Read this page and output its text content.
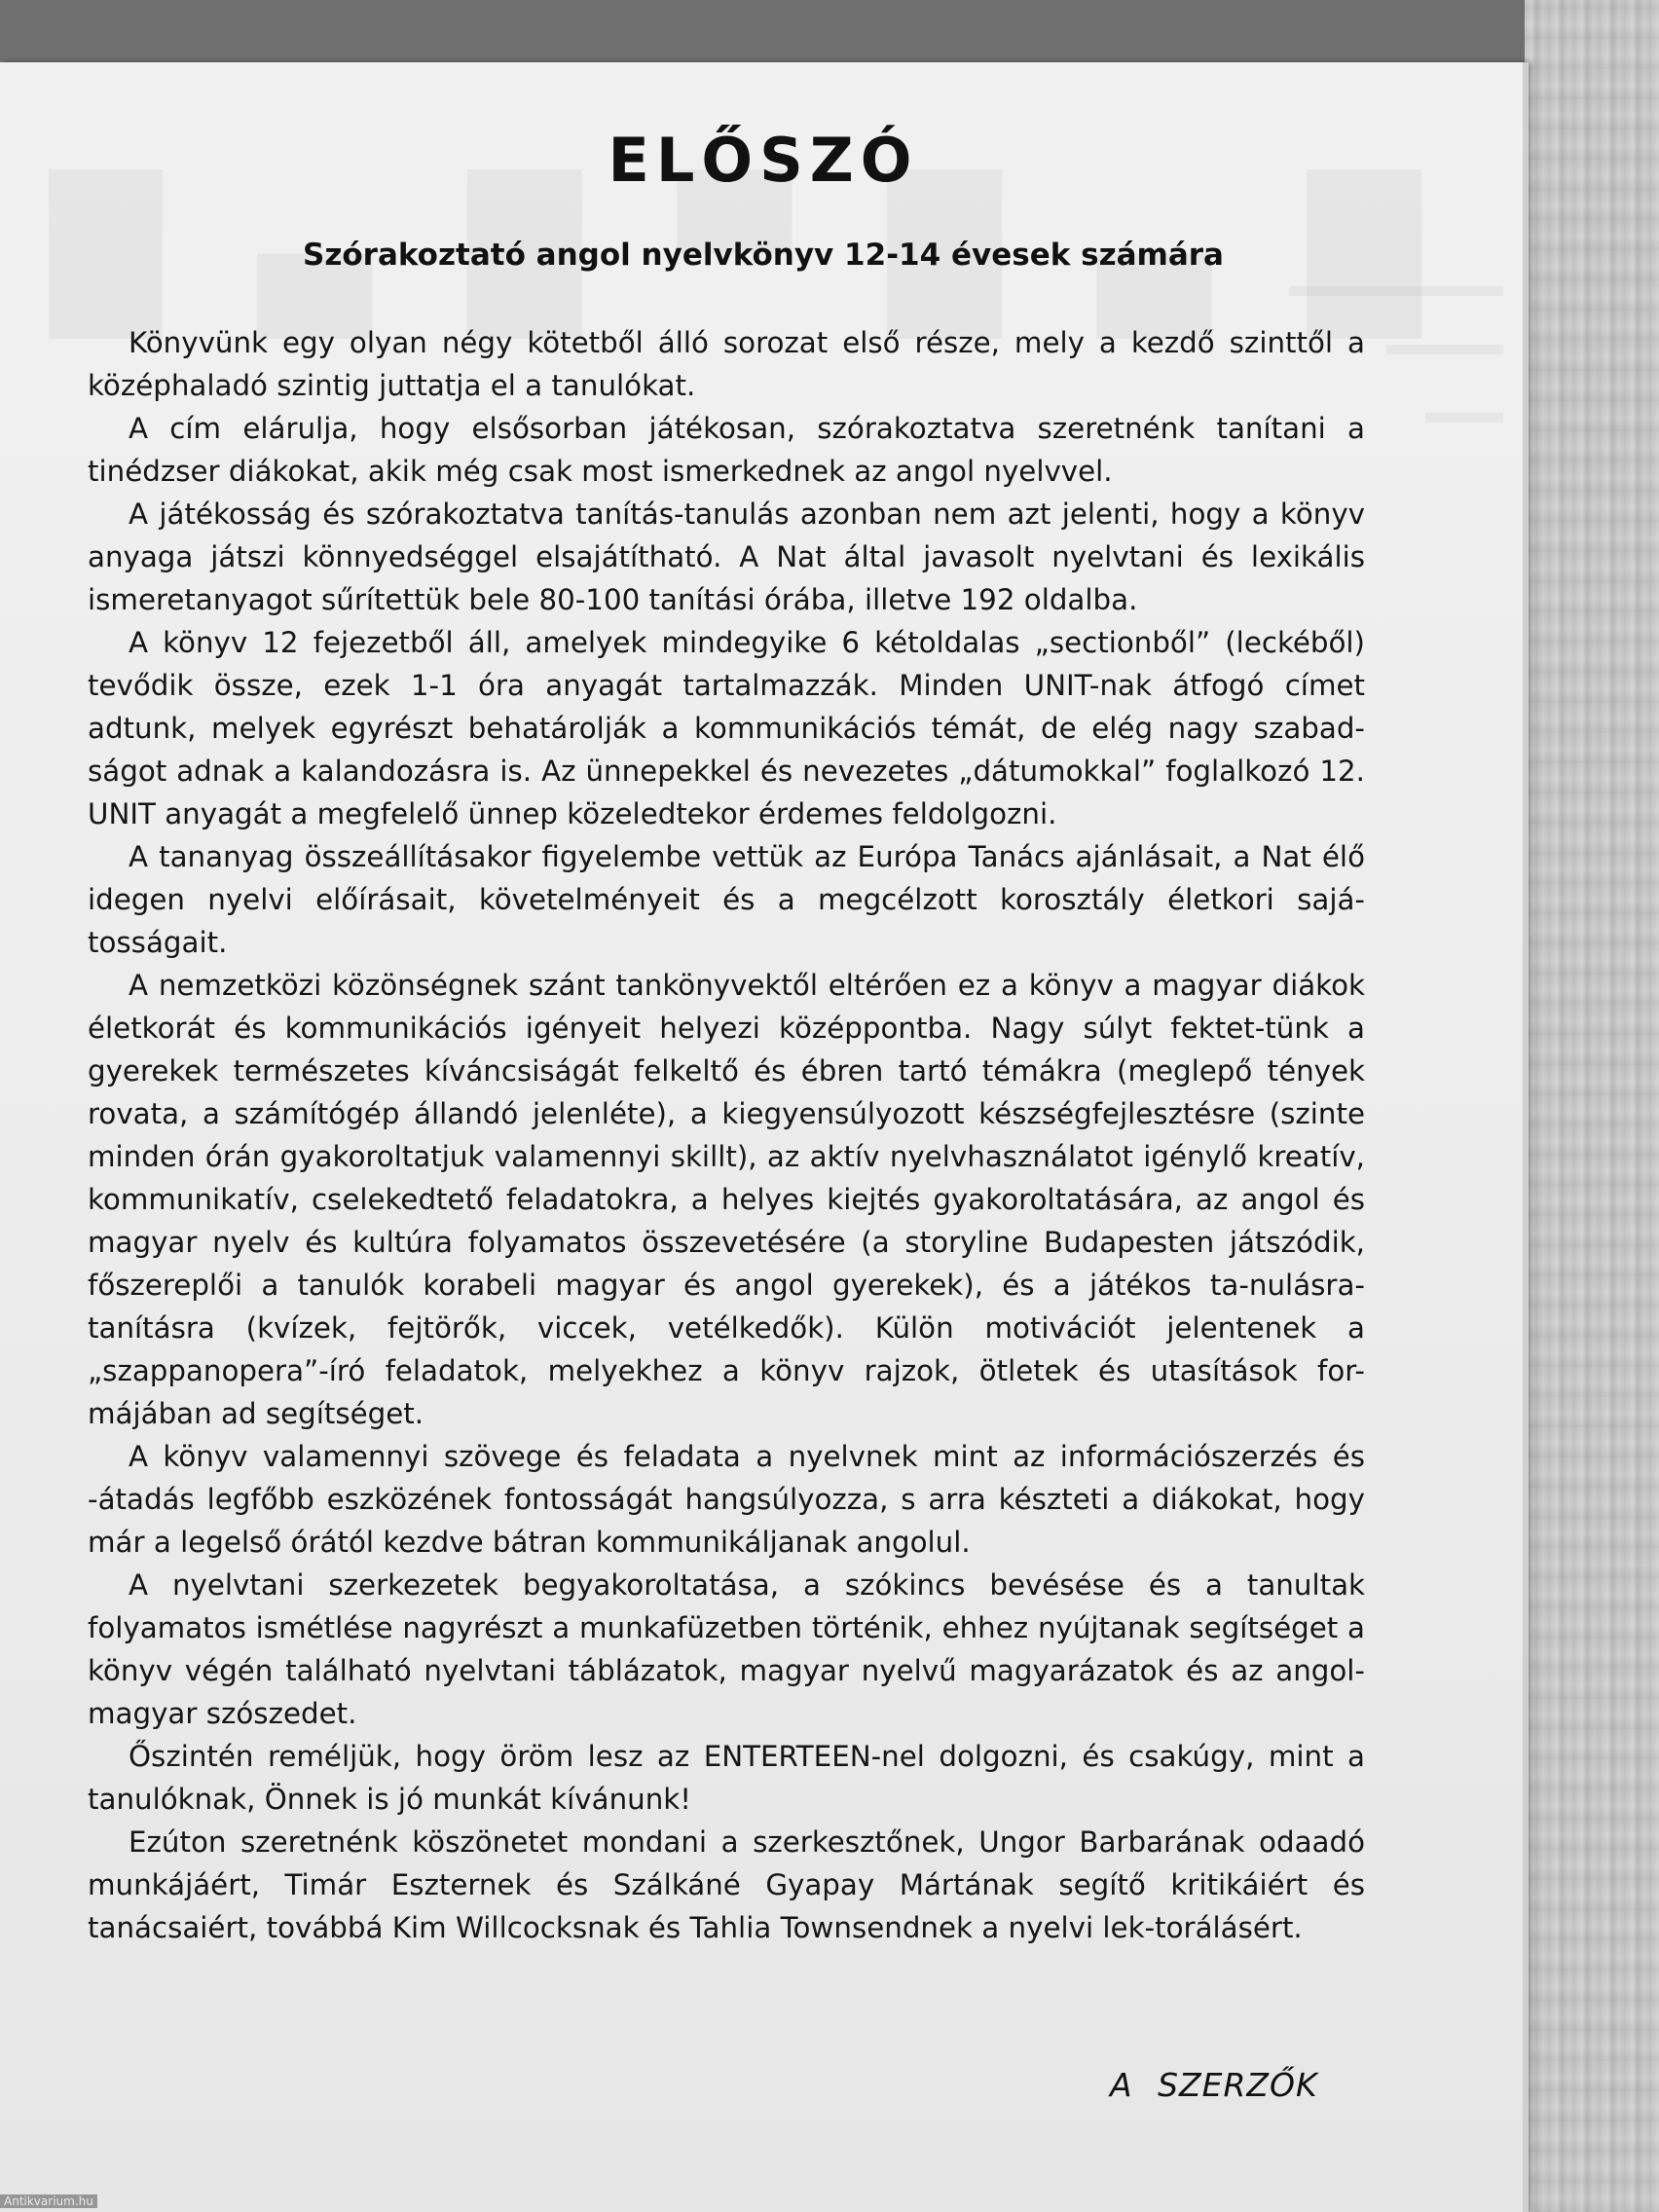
ELŐSZÓ
Szórakoztató angol nyelvkönyv 12-14 évesek számára

Könyvünk egy olyan négy kötetből álló sorozat első része, mely a kezdő szinttől a középhaladó szintig juttatja el a tanulókat.

A cím elárulja, hogy elsősorban játékosan, szórakoztatva szeretnénk tanítani a tinédzser diákokat, akik még csak most ismerkednek az angol nyelvvel.

A játékosság és szórakoztatva tanítás-tanulás azonban nem azt jelenti, hogy a könyv anyaga játszi könnyedséggel elsajátítható. A Nat által javasolt nyelvtani és lexikális ismeretanyagot sűrítettük bele 80-100 tanítási órába, illetve 192 oldalba.

A könyv 12 fejezetből áll, amelyek mindegyike 6 kétoldalas „sectionből” (leckéből) tevődik össze, ezek 1-1 óra anyagát tartalmazzák. Minden UNIT-nak átfogó címet adtunk, melyek egyrészt behatárolják a kommunikációs témát, de elég nagy szabad-ságot adnak a kalandozásra is. Az ünnepekkel és nevezetes „dátumokkal” foglalkozó 12. UNIT anyagát a megfelelő ünnep közeledtekor érdemes feldolgozni.

A tananyag összeállításakor figyelembe vettük az Európa Tanács ajánlásait, a Nat élő idegen nyelvi előírásait, követelményeit és a megcélzott korosztály életkori sajá-tosságait.

A nemzetközi közönségnek szánt tankönyvektől eltérően ez a könyv a magyar diákok életkorát és kommunikációs igényeit helyezi középpontba. Nagy súlyt fektet-tünk a gyerekek természetes kíváncsiságát felkeltő és ébren tartó témákra (meglepő tények rovata, a számítógép állandó jelenléte), a kiegyensúlyozott készségfejlesztésre (szinte minden órán gyakoroltatjuk valamennyi skillt), az aktív nyelvhasználatot igénylő kreatív, kommunikatív, cselekedtető feladatokra, a helyes kiejtés gyakoroltatására, az angol és magyar nyelv és kultúra folyamatos összevetésére (a storyline Budapesten játszódik, főszereplői a tanulók korabeli magyar és angol gyerekek), és a játékos ta-nulásra-tanításra (kvízek, fejtörők, viccek, vetélkedők). Külön motivációt jelentenek a „szappanopera”-író feladatok, melyekhez a könyv rajzok, ötletek és utasítások for-májában ad segítséget.

A könyv valamennyi szövege és feladata a nyelvnek mint az információszerzés és -átadás legfőbb eszközének fontosságát hangsúlyozza, s arra készteti a diákokat, hogy már a legelső órától kezdve bátran kommunikáljanak angolul.

A nyelvtani szerkezetek begyakoroltatása, a szókincs bevésése és a tanultak folyamatos ismétlése nagyrészt a munkafüzetben történik, ehhez nyújtanak segítséget a könyv végén található nyelvtani táblázatok, magyar nyelvű magyarázatok és az angol-magyar szószedet.

Őszintén reméljük, hogy öröm lesz az ENTERTEEN-nel dolgozni, és csakúgy, mint a tanulóknak, Önnek is jó munkát kívánunk!

Ezúton szeretnénk köszönetet mondani a szerkesztőnek, Ungor Barbarának odaadó munkájáért, Timár Eszternek és Szálkáné Gyapay Mártának segítő kritikáiért és tanácsaiért, továbbá Kim Willcocksnak és Tahlia Townsendnek a nyelvi lek-torálásért.

A SZERZŐK
Antikvarium.hu
